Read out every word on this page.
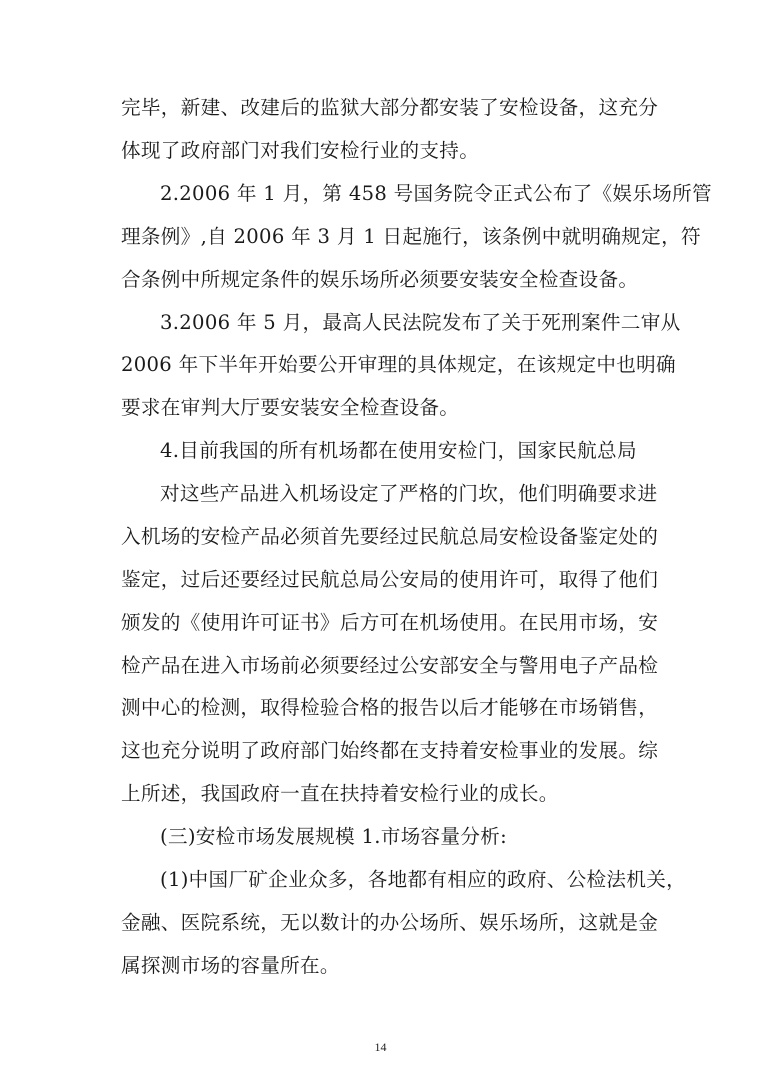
完毕，新建、改建后的监狱大部分都安装了安检设备，这充分
体现了政府部门对我们安检行业的支持。
2.2006 年 1 月，第 458 号国务院令正式公布了《娱乐场所管
理条例》,自 2006 年 3 月 1 日起施行，该条例中就明确规定，符
合条例中所规定条件的娱乐场所必须要安装安全检查设备。
3.2006 年 5 月，最高人民法院发布了关于死刑案件二审从
2006 年下半年开始要公开审理的具体规定，在该规定中也明确
要求在审判大厅要安装安全检查设备。
4.目前我国的所有机场都在使用安检门，国家民航总局
对这些产品进入机场设定了严格的门坎，他们明确要求进
入机场的安检产品必须首先要经过民航总局安检设备鉴定处的
鉴定，过后还要经过民航总局公安局的使用许可，取得了他们
颁发的《使用许可证书》后方可在机场使用。在民用市场，安
检产品在进入市场前必须要经过公安部安全与警用电子产品检
测中心的检测，取得检验合格的报告以后才能够在市场销售，
这也充分说明了政府部门始终都在支持着安检事业的发展。综
上所述，我国政府一直在扶持着安检行业的成长。
(三)安检市场发展规模 1.市场容量分析:
(1)中国厂矿企业众多，各地都有相应的政府、公检法机关，
金融、医院系统，无以数计的办公场所、娱乐场所，这就是金
属探测市场的容量所在。
14
